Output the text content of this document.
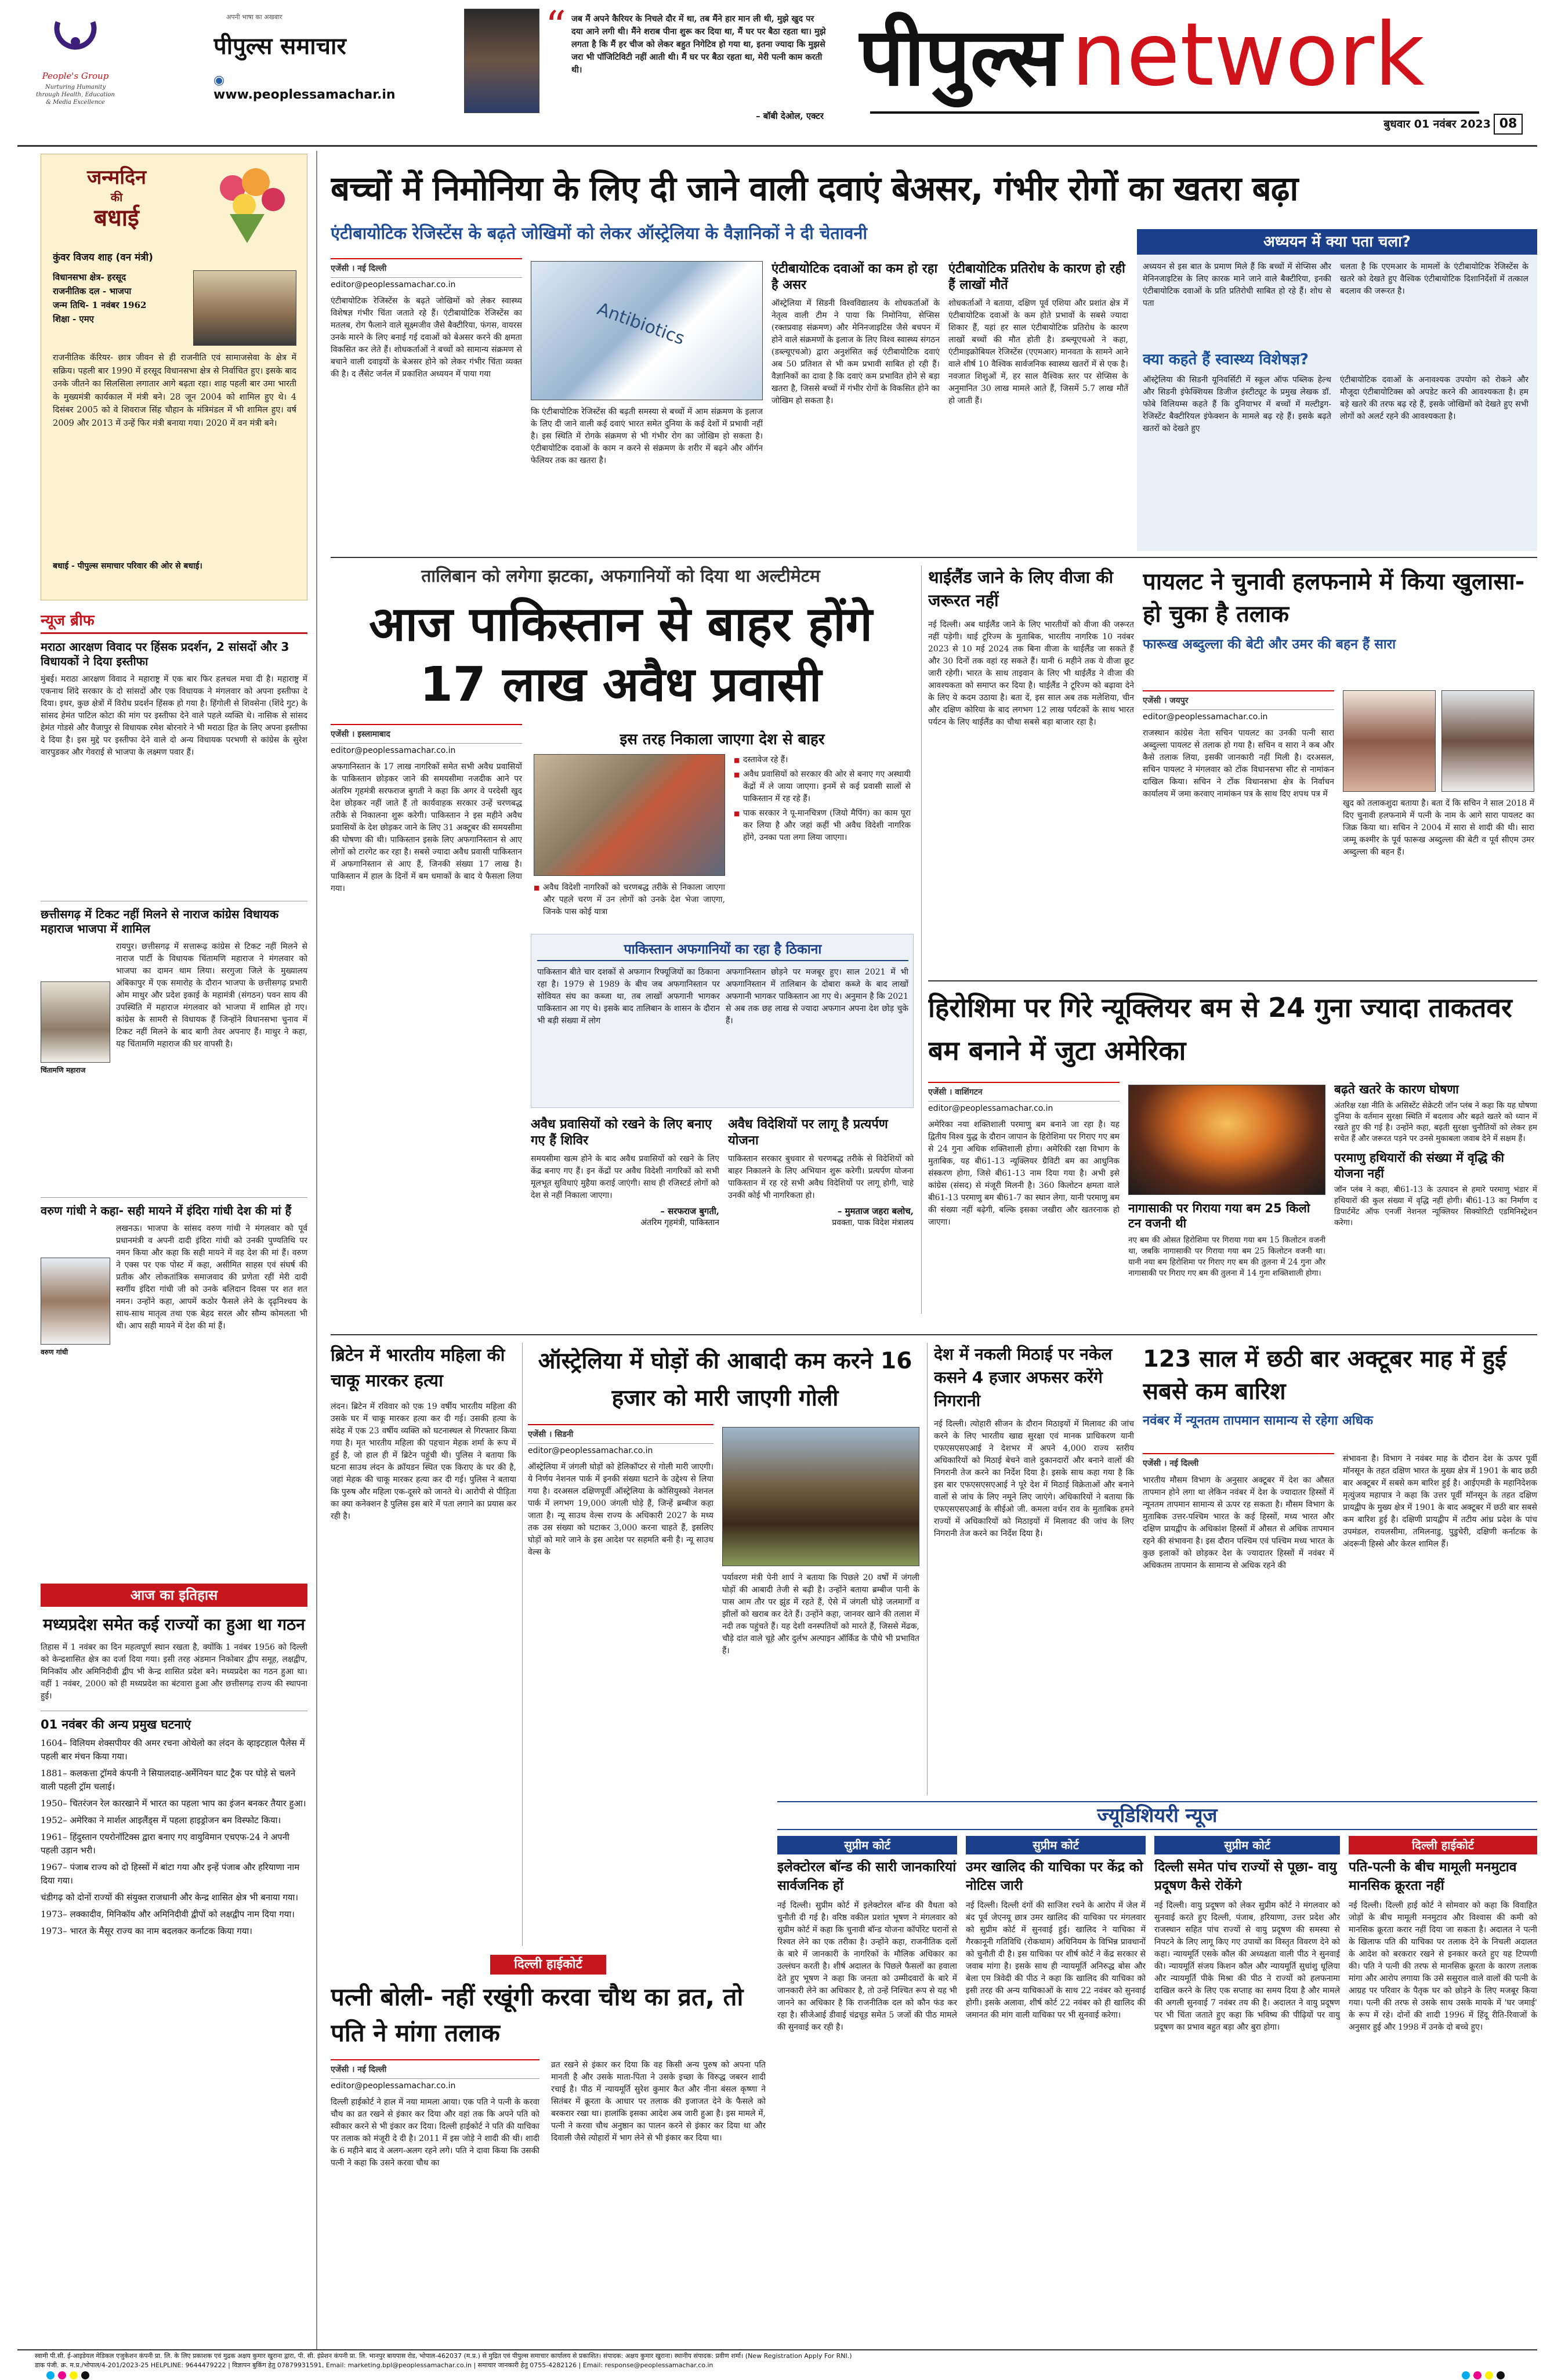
People's Group
Nurturing Humanity through Health, Education & Media Excellence
अपनी भाषा का अखबार
पीपुल्स समाचार
◉ www.peoplessamachar.in
“ जब मैं अपने कैरियर के निचले दौर में था, तब मैंने हार मान ली थी, मुझे खुद पर दया आने लगी थी। मैंने शराब पीना शुरू कर दिया था, मैं घर पर बैठा रहता था। मुझे लगता है कि मैं हर चीज को लेकर बहुत निगेटिव हो गया था, इतना ज्यादा कि मुझसे जरा भी पॉजिटिविटी नहीं आती थी। मैं घर पर बैठा रहता था, मेरी पत्नी काम करती थी।
– बॉबी देओल, एक्टर
पीपुल्स network
बुधवार 01 नवंबर 2023 08
जन्मदिन
की
बधाई
कुंवर विजय शाह (वन मंत्री)
विधानसभा क्षेत्र- हरसूद
राजनीतिक दल - भाजपा
जन्म तिथि- 1 नवंबर 1962
शिक्षा - एमए
राजनीतिक कॅरियर- छात्र जीवन से ही राजनीति एवं सामाजसेवा के क्षेत्र में सक्रिय। पहली बार 1990 में हरसूद विधानसभा क्षेत्र से निर्वाचित हुए। इसके बाद उनके जीतने का सिलसिला लगातार आगे बढ़ता रहा। शाह पहली बार उमा भारती के मुख्यमंत्री कार्यकाल में मंत्री बने। 28 जून 2004 को शामिल हुए थे। 4 दिसंबर 2005 को वे शिवराज सिंह चौहान के मंत्रिमंडल में भी शामिल हुए। वर्ष 2009 और 2013 में उन्हें फिर मंत्री बनाया गया। 2020 में वन मंत्री बने।
बधाई - पीपुल्स समाचार परिवार की ओर से बधाई।
न्यूज ब्रीफ
मराठा आरक्षण विवाद पर हिंसक प्रदर्शन, 2 सांसदों और 3 विधायकों ने दिया इस्तीफा
मुंबई। मराठा आरक्षण विवाद ने महाराष्ट्र में एक बार फिर हलचल मचा दी है। महाराष्ट्र में एकनाथ शिंदे सरकार के दो सांसदों और एक विधायक ने मंगलवार को अपना इस्तीफा दे दिया। इधर, कुछ क्षेत्रों में विरोध प्रदर्शन हिंसक हो गया है। हिंगोली से शिवसेना (शिंदे गुट) के सांसद हेमंत पाटिल कोटा की मांग पर इस्तीफा देने वाले पहले व्यक्ति थे। नासिक से सांसद हेमंत गोडसे और वैजापुर से विधायक रमेश बोरनारे ने भी मराठा हित के लिए अपना इस्तीफा दे दिया है। इस मुद्दे पर इस्तीफा देने वाले दो अन्य विधायक परभणी से कांग्रेस के सुरेश वारपुडकर और गेवराई से भाजपा के लक्ष्मण पवार हैं।
छत्तीसगढ़ में टिकट नहीं मिलने से नाराज कांग्रेस विधायक महाराज भाजपा में शामिल
रायपुर। छत्तीसगढ़ में सत्तारूढ़ कांग्रेस से टिकट नहीं मिलने से नाराज पार्टी के विधायक चिंतामणि महाराज ने मंगलवार को भाजपा का दामन थाम लिया। सरगुजा जिले के मुख्यालय अंबिकापुर में एक समारोह के दौरान भाजपा के छत्तीसगढ़ प्रभारी ओम माथुर और प्रदेश इकाई के महामंत्री (संगठन) पवन साय की उपस्थिति में महाराज मंगलवार को भाजपा में शामिल हो गए। कांग्रेस के सामरी से विधायक हैं जिन्होंने विधानसभा चुनाव में टिकट नहीं मिलने के बाद बागी तेवर अपनाए हैं। माथुर ने कहा, यह चिंतामणि महाराज की घर वापसी है।
चिंतामणि महाराज
वरुण गांधी ने कहा- सही मायने में इंदिरा गांधी देश की मां हैं
लखनऊ। भाजपा के सांसद वरुण गांधी ने मंगलवार को पूर्व प्रधानमंत्री व अपनी दादी इंदिरा गांधी को उनकी पुण्यतिथि पर नमन किया और कहा कि सही मायने में वह देश की मां हैं। वरुण ने एक्स पर एक पोस्ट में कहा, असीमित साहस एवं संघर्ष की प्रतीक और लोकतांत्रिक समाजवाद की प्रणेता रहीं मेरी दादी स्वर्गीय इंदिरा गांधी जी को उनके बलिदान दिवस पर शत शत नमन। उन्होंने कहा, आपमें कठोर फैसले लेने के दृढ़निश्चय के साथ-साथ मातृत्व तथा एक बेहद सरल और सौम्य कोमलता भी थी। आप सही मायने में देश की मां हैं।
वरुण गांधी
आज का इतिहास
मध्यप्रदेश समेत कई राज्यों का हुआ था गठन
तिहास में 1 नवंबर का दिन महत्वपूर्ण स्थान रखता है, क्योंकि 1 नवंबर 1956 को दिल्ली को केन्द्रशासित क्षेत्र का दर्जा दिया गया। इसी तरह अंडमान निकोबार द्वीप समूह, लक्षद्वीप, मिनिकॉय और अमिनिदीवी द्वीप भी केन्द्र शासित प्रदेश बने। मध्यप्रदेश का गठन हुआ था। वहीं 1 नवंबर, 2000 को ही मध्यप्रदेश का बंटवारा हुआ और छत्तीसगढ़ राज्य की स्थापना हुई।
01 नवंबर की अन्य प्रमुख घटनाएं
1604– विलियम शेक्सपीयर की अमर रचना ओथेलो का लंदन के व्हाइटहाल पैलेस में पहली बार मंचन किया गया।
1881– कलकत्ता ट्रॉमवे कंपनी ने सियालदाह-अर्मेनियन घाट ट्रैक पर घोड़े से चलने वाली पहली ट्रॉम चलाई।
1950– चितरंजन रेल कारखाने में भारत का पहला भाप का इंजन बनकर तैयार हुआ।
1952– अमेरिका ने मार्शल आइलैंड्स में पहला हाइड्रोजन बम विस्फोट किया।
1961– हिंदुस्तान एयरोनॉटिक्स द्वारा बनाए गए वायुविमान एचएफ-24 ने अपनी पहली उड़ान भरी।
1967– पंजाब राज्य को दो हिस्सों में बांटा गया और इन्हें पंजाब और हरियाणा नाम दिया गया।
चंडीगढ़ को दोनों राज्यों की संयुक्त राजधानी और केन्द्र शासित क्षेत्र भी बनाया गया।
1973– लक्कादीव, मिनिकॉय और अमिनिदीवी द्वीपों को लक्षद्वीप नाम दिया गया।
1973– भारत के मैसूर राज्य का नाम बदलकर कर्नाटक किया गया।
बच्चों में निमोनिया के लिए दी जाने वाली दवाएं बेअसर, गंभीर रोगों का खतरा बढ़ा
एंटीबायोटिक रेजिस्टेंस के बढ़ते जोखिमों को लेकर ऑस्ट्रेलिया के वैज्ञानिकों ने दी चेतावनी
एजेंसी । नई दिल्ली
editor@peoplessamachar.co.in
एंटीबायोटिक रेजिस्टेंस के बढ़ते जोखिमों को लेकर स्वास्थ्य विशेषज्ञ गंभीर चिंता जताते रहे हैं। एंटीबायोटिक रेजिस्टेंस का मतलब, रोग फैलाने वाले सूक्ष्मजीव जैसे बैक्टीरिया, फंगस, वायरस उनके मारने के लिए बनाई गई दवाओं को बेअसर करने की क्षमता विकसित कर लेते हैं। शोधकर्ताओं ने बच्चों को सामान्य संक्रमण से बचाने वाली दवाइयों के बेअसर होने को लेकर गंभीर चिंता व्यक्त की है। द लैंसेट जर्नल में प्रकाशित अध्ययन में पाया गया
Antibiotics
कि एंटीबायोटिक रेजिस्टेंस की बढ़ती समस्या से बच्चों में आम संक्रमण के इलाज के लिए दी जाने वाली कई दवाएं भारत समेत दुनिया के कई देशों में प्रभावी नहीं है। इस स्थिति में रोगके संक्रमण से भी गंभीर रोग का जोखिम हो सकता है। एंटीबायोटिक दवाओं के काम न करने से संक्रमण के शरीर में बढ़ने और ऑर्गन फेलियर तक का खतरा है।
एंटीबायोटिक दवाओं का कम हो रहा है असर
ऑस्ट्रेलिया में सिडनी विश्वविद्यालय के शोधकर्ताओं के नेतृत्व वाली टीम ने पाया कि निमोनिया, सेप्सिस (रक्तप्रवाह संक्रमण) और मेनिनजाइटिस जैसे बचपन में होने वाले संक्रमणों के इलाज के लिए विश्व स्वास्थ्य संगठन (डब्ल्यूएचओ) द्वारा अनुशंसित कई एंटीबायोटिक दवाएं अब 50 प्रतिशत से भी कम प्रभावी साबित हो रही हैं। वैज्ञानिकों का दावा है कि दवाएं कम प्रभावित होने से बड़ा खतरा है, जिससे बच्चों में गंभीर रोगों के विकसित होने का जोखिम हो सकता है।
एंटीबायोटिक प्रतिरोध के कारण हो रही हैं लाखों मौतें
शोधकर्ताओं ने बताया, दक्षिण पूर्व एशिया और प्रशांत क्षेत्र में एंटीबायोटिक दवाओं के कम होते प्रभावों के सबसे ज्यादा शिकार हैं, यहां हर साल एंटीबायोटिक प्रतिरोध के कारण लाखों बच्चों की मौत होती है। डब्ल्यूएचओ ने कहा, एंटीमाइक्रोबियल रेजिस्टेंस (एएमआर) मानवता के सामने आने वाले शीर्ष 10 वैश्विक सार्वजनिक स्वास्थ्य खतरों में से एक है। नवजात शिशुओं में, हर साल वैश्विक स्तर पर सेप्सिस के अनुमानित 30 लाख मामले आते हैं, जिसमें 5.7 लाख मौतें हो जाती हैं।
अध्ययन में क्या पता चला?
अध्ययन से इस बात के प्रमाण मिले हैं कि बच्चों में सेप्सिस और मेनिनजाइटिस के लिए कारक माने जाने वाले बैक्टीरिया, इनकी एंटीबायोटिक दवाओं के प्रति प्रतिरोधी साबित हो रहे हैं। शोध से पता
चलता है कि एएमआर के मामलों के एंटीबायोटिक रेजिस्टेंस के खतरे को देखते हुए वैश्विक एंटीबायोटिक दिशानिर्देशों में तत्काल बदलाव की जरूरत है।
क्या कहते हैं स्वास्थ्य विशेषज्ञ?
ऑस्ट्रेलिया की सिडनी यूनिवर्सिटी में स्कूल ऑफ पब्लिक हेल्थ और सिडनी इंफेक्शियस डिजीज इंस्टीट्यूट के प्रमुख लेखक डॉ. फोबे विलियम्स कहते हैं कि दुनियाभर में बच्चों में मल्टीड्रग-रेजिस्टेंट बैक्टीरियल इंफेक्शन के मामले बढ़ रहे हैं। इसके बढ़ते खतरों को देखते हुए
एंटीबायोटिक दवाओं के अनावश्यक उपयोग को रोकने और मौजूदा एंटीबायोटिक्स को अपडेट करने की आवश्यकता है। हम बड़े खतरे की तरफ बढ़ रहे हैं, इसके जोखिमों को देखते हुए सभी लोगों को अलर्ट रहने की आवश्यकता है।
तालिबान को लगेगा झटका, अफगानियों को दिया था अल्टीमेटम
आज पाकिस्तान से बाहर होंगे 17 लाख अवैध प्रवासी
एजेंसी । इस्लामाबाद
editor@peoplessamachar.co.in
अफगानिस्तान के 17 लाख नागरिकों समेत सभी अवैध प्रवासियों के पाकिस्तान छोड़कर जाने की समयसीमा नजदीक आने पर अंतरिम गृहमंत्री सरफराज बुगती ने कहा कि अगर वे परदेसी खुद देश छोड़कर नहीं जाते हैं तो कार्यवाहक सरकार उन्हें चरणबद्ध तरीके से निकालना शुरू करेगी। पाकिस्तान ने इस महीने अवैध प्रवासियों के देश छोड़कर जाने के लिए 31 अक्टूबर की समयसीमा की घोषणा की थी। पाकिस्तान इसके लिए अफगानिस्तान से आए लोगों को टारगेट कर रहा है। सबसे ज्यादा अवैध प्रवासी पाकिस्तान में अफगानिस्तान से आए हैं, जिनकी संख्या 17 लाख है। पाकिस्तान में हाल के दिनों में बम धमाकों के बाद ये फैसला लिया गया।
इस तरह निकाला जाएगा देश से बाहर
■ दस्तावेज रहे हैं।
■ अवैध प्रवासियों को सरकार की ओर से बनाए गए अस्थायी केंद्रों में ले जाया जाएगा। इनमें से कई प्रवासी सालों से पाकिस्तान में रह रहे हैं।
■ पाक सरकार ने पू-मानचित्रण (जियो मैपिंग) का काम पूरा कर लिया है और जहां कहीं भी अवैध विदेशी नागरिक होंगे, उनका पता लगा लिया जाएगा।
■ अवैध विदेशी नागरिकों को चरणबद्ध तरीके से निकाला जाएगा और पहले चरण में उन लोगों को उनके देश भेजा जाएगा, जिनके पास कोई यात्रा
पाकिस्तान अफगानियों का रहा है ठिकाना
पाकिस्तान बीते चार दशकों से अफगान रिफ्यूजियों का ठिकाना रहा है। 1979 से 1989 के बीच जब अफगानिस्तान पर सोवियत संघ का कब्जा था, तब लाखों अफगानी भागकर पाकिस्तान आ गए थे। इसके बाद तालिबान के शासन के दौरान भी बड़ी संख्या में लोग
अफगानिस्तान छोड़ने पर मजबूर हुए। साल 2021 में भी अफगानिस्तान में तालिबान के दोबारा कब्जे के बाद लाखों अफगानी भागकर पाकिस्तान आ गए थे। अनुमान है कि 2021 से अब तक छह लाख से ज्यादा अफगान अपना देश छोड़ चुके हैं।
अवैध प्रवासियों को रखने के लिए बनाए गए हैं शिविर
समयसीमा खत्म होने के बाद अवैध प्रवासियों को रखने के लिए केंद्र बनाए गए हैं। इन केंद्रों पर अवैध विदेशी नागरिकों को सभी मूलभूत सुविधाएं मुहैया कराई जाएंगी। साथ ही रजिस्टर्ड लोगों को देश से नहीं निकाला जाएगा।
– सरफराज बुगती,
अंतरिम गृहमंत्री, पाकिस्तान
अवैध विदेशियों पर लागू है प्रत्यर्पण योजना
पाकिस्तान सरकार बुधवार से चरणबद्ध तरीके से विदेशियों को बाहर निकालने के लिए अभियान शुरू करेगी। प्रत्यर्पण योजना पाकिस्तान में रह रहे सभी अवैध विदेशियों पर लागू होगी, चाहे उनकी कोई भी नागरिकता हो।
– मुमताज जहरा बलोच,
प्रवक्ता, पाक विदेश मंत्रालय
थाईलैंड जाने के लिए वीजा की जरूरत नहीं
नई दिल्ली। अब थाईलैंड जाने के लिए भारतीयों को वीजा की जरूरत नहीं पड़ेगी। थाई टूरिज्म के मुताबिक, भारतीय नागरिक 10 नवंबर 2023 से 10 मई 2024 तक बिना वीजा के थाईलैंड जा सकते हैं और 30 दिनों तक वहां रह सकते हैं। यानी 6 महीने तक ये वीजा छूट जारी रहेगी। भारत के साथ ताइवान के लिए भी थाईलैंड ने वीजा की आवश्यकता को समाप्त कर दिया है। थाईलैंड ने टूरिज्म को बढ़ावा देने के लिए ये कदम उठाया है। बता दें, इस साल अब तक मलेशिया, चीन और दक्षिण कोरिया के बाद लगभग 12 लाख पर्यटकों के साथ भारत पर्यटन के लिए थाईलैंड का चौथा सबसे बड़ा बाजार रहा है।
पायलट ने चुनावी हलफनामे में किया खुलासा- हो चुका है तलाक
फारूख अब्दुल्ला की बेटी और उमर की बहन हैं सारा
एजेंसी । जयपुर
editor@peoplessamachar.co.in
राजस्थान कांग्रेस नेता सचिन पायलट का उनकी पत्नी सारा अब्दुल्ला पायलट से तलाक हो गया है। सचिन व सारा ने कब और कैसे तलाक लिया, इसकी जानकारी नहीं मिली है। दरअसल, सचिन पायलट ने मंगलवार को टोंक विधानसभा सीट से नामांकन दाखिल किया। सचिन ने टोंक विधानसभा क्षेत्र के निर्वाचन कार्यालय में जमा करवाए नामांकन पत्र के साथ दिए शपथ पत्र में
खुद को तलाकशुदा बताया है। बता दें कि सचिन ने साल 2018 में दिए चुनावी हलफनामे में पत्नी के नाम के आगे सारा पायलट का जिक्र किया था। सचिन ने 2004 में सारा से शादी की थी। सारा जम्मू कश्मीर के पूर्व फारूख अब्दुल्ला की बेटी व पूर्व सीएम उमर अब्दुल्ला की बहन हैं।
हिरोशिमा पर गिरे न्यूक्लियर बम से 24 गुना ज्यादा ताकतवर बम बनाने में जुटा अमेरिका
एजेंसी । वाशिंगटन
editor@peoplessamachar.co.in
अमेरिका नया शक्तिशाली परमाणु बम बनाने जा रहा है। यह द्वितीय विश्व युद्ध के दौरान जापान के हिरोशिमा पर गिराए गए बम से 24 गुना अधिक शक्तिशाली होगा। अमेरिकी रक्षा विभाग के मुताबिक, यह बी61-13 न्यूक्लियर ग्रैविटी बम का आधुनिक संस्करण होगा, जिसे बी61-13 नाम दिया गया है। अभी इसे कांग्रेस (संसद) से मंजूरी मिलनी है। 360 किलोटन क्षमता वाले बी61-13 परमाणु बम बी61-7 का स्थान लेगा, यानी परमाणु बम की संख्या नहीं बढ़ेगी, बल्कि इसका जखीरा और खतरनाक हो जाएगा।
नागासाकी पर गिराया गया बम 25 किलो टन वजनी थी
नए बम की ओसत हिरोशिमा पर गिराया गया बम 15 किलोटन वजनी था, जबकि नागासाकी पर गिराया गया बम 25 किलोटन वजनी था। यानी नया बम हिरोशिमा पर गिराए गए बम की तुलना में 24 गुना और नागासाकी पर गिराए गए बम की तुलना में 14 गुना शक्तिशाली होगा।
बढ़ते खतरे के कारण घोषणा
अंतरिक्ष रक्षा नीति के असिस्टेंट सेक्रेटरी जॉन प्लंब ने कहा कि यह घोषणा दुनिया के वर्तमान सुरक्षा स्थिति में बदलाव और बढ़ते खतरे को ध्यान में रखते हुए की गई है। उन्होंने कहा, बढ़ती सुरक्षा चुनौतियों को लेकर हम सचेत हैं और जरूरत पड़ने पर उनसे मुकाबला जवाब देने में सक्षम हैं।
परमाणु हथियारों की संख्या में वृद्धि की योजना नहीं
जॉन प्लंब ने कहा, बी61-13 के उत्पादन से हमारे परमाणु भंडार में हथियारों की कुल संख्या में वृद्धि नहीं होगी। बी61-13 का निर्माण द डिपार्टमेंट ऑफ एनर्जी नेशनल न्यूक्लियर सिक्योरिटी एडमिनिस्ट्रेशन करेगा।
ब्रिटेन में भारतीय महिला की चाकू मारकर हत्या
लंदन। ब्रिटेन में रविवार को एक 19 वर्षीय भारतीय महिला की उसके घर में चाकू मारकर हत्या कर दी गई। उसकी हत्या के संदेह में एक 23 वर्षीय व्यक्ति को घटनास्थल से गिरफ्तार किया गया है। मृत भारतीय महिला की पहचान मेहक शर्मा के रूप में हुई है, जो हाल ही में ब्रिटेन पहुंची थी। पुलिस ने बताया कि घटना साउथ लंदन के क्रॉयडन स्थित एक किराए के घर की है, जहां मेहक की चाकू मारकर हत्या कर दी गई। पुलिस ने बताया कि पुरुष और महिला एक-दूसरे को जानते थे। आरोपी से पीड़िता का क्या कनेक्शन है पुलिस इस बारे में पता लगाने का प्रयास कर रही है।
ऑस्ट्रेलिया में घोड़ों की आबादी कम करने 16 हजार को मारी जाएगी गोली
एजेंसी । सिडनी
editor@peoplessamachar.co.in
ऑस्ट्रेलिया में जंगली घोड़ों को हेलिकॉप्टर से गोली मारी जाएगी। ये निर्णय नेशनल पार्क में इनकी संख्या घटाने के उद्देश्य से लिया गया है। दरअसल दक्षिणपूर्वी ऑस्ट्रेलिया के कोसियुस्को नेशनल पार्क में लगभग 19,000 जंगली घोड़े हैं, जिन्हें ब्रम्बीज कहा जाता है। न्यू साउथ वेल्स राज्य के अधिकारी 2027 के मध्य तक उस संख्या को घटाकर 3,000 करना चाहते हैं, इसलिए घोड़ों को मारे जाने के इस आदेश पर सहमति बनी है। न्यू साउथ वेल्स के
पर्यावरण मंत्री पेनी शार्प ने बताया कि पिछले 20 वर्षों में जंगली घोड़ों की आबादी तेजी से बढ़ी है। उन्होंने बताया ब्रम्बीज पानी के पास आम तौर पर झुंड में रहते हैं, ऐसे में जंगली घोड़े जलमार्गों व झीलों को खराब कर देते हैं। उन्होंने कहा, जानवर खाने की तलाश में नदी तक पहुंचते हैं। यह देशी वनस्पतियों को मारते हैं, जिससे मेंढक, चौड़े दांत वाले चूहे और दुर्लभ अल्पाइन ऑर्किड के पौधे भी प्रभावित हैं।
देश में नकली मिठाई पर नकेल कसने 4 हजार अफसर करेंगे निगरानी
नई दिल्ली। त्योहारी सीजन के दौरान मिठाइयों में मिलावट की जांच करने के लिए भारतीय खाद्य सुरक्षा एवं मानक प्राधिकरण यानी एफएसएसएआई ने देशभर में अपने 4,000 राज्य स्तरीय अधिकारियों को मिठाई बेचने वाले दुकानदारों और बनाने वालों की निगरानी तेज करने का निर्देश दिया है। इसके साथ कहा गया है कि इस बार एफएसएसएआई ने पूरे देश में मिठाई विक्रेताओं और बनाने वालों से जांच के लिए नमूने लिए जाएंगे। अधिकारियों ने बताया कि एफएसएसएआई के सीईओ जी. कमला वर्धन राव के मुताबिक हमने राज्यों में अधिकारियों को मिठाइयों में मिलावट की जांच के लिए निगरानी तेज करने का निर्देश दिया है।
123 साल में छठी बार अक्टूबर माह में हुई सबसे कम बारिश
नवंबर में न्यूनतम तापमान सामान्य से रहेगा अधिक
एजेंसी । नई दिल्ली
भारतीय मौसम विभाग के अनुसार अक्टूबर में देश का औसत तापमान होने लगा था लेकिन नवंबर में देश के ज्यादातर हिस्सों में न्यूनतम तापमान सामान्य से ऊपर रह सकता है। मौसम विभाग के मुताबिक उत्तर-पश्चिम भारत के कई हिस्सों, मध्य भारत और दक्षिण प्रायद्वीप के अधिकांश हिस्सों में औसत से अधिक तापमान रहने की संभावना है। इस दौरान पश्चिम एवं पश्चिम मध्य भारत के कुछ इलाकों को छोड़कर देश के ज्यादातर हिस्सों में नवंबर में अधिकतम तापमान के सामान्य से अधिक रहने की
संभावना है। विभाग ने नवंबर माह के दौरान देश के ऊपर पूर्वी मॉनसून के तहत दक्षिण भारत के मुख्य क्षेत्र में 1901 के बाद छठी बार अक्टूबर में सबसे कम बारिश हुई है। आईएमडी के महानिदेशक मृत्युंजय महापात्र ने कहा कि उत्तर पूर्वी मॉनसून के तहत दक्षिण प्रायद्वीप के मुख्य क्षेत्र में 1901 के बाद अक्टूबर में छठी बार सबसे कम बारिश हुई है। दक्षिणी प्रायद्वीप में तटीय आंध्र प्रदेश के पांच उपमंडल, रायलसीमा, तमिलनाडु, पुडुचेरी, दक्षिणी कर्नाटक के अंदरूनी हिस्से और केरल शामिल हैं।
ज्यूडिशियरी न्यूज
दिल्ली हाईकोर्ट
पत्नी बोली- नहीं रखूंगी करवा चौथ का व्रत, तो पति ने मांगा तलाक
एजेंसी । नई दिल्ली
editor@peoplessamachar.co.in
दिल्ली हाईकोर्ट ने हाल में नया मामला आया। एक पति ने पत्नी के करवा चौथ का व्रत रखने से इंकार कर दिया और वहां तक कि अपने पति को स्वीकार करने से भी इंकार कर दिया। दिल्ली हाईकोर्ट ने पति की याचिका पर तलाक को मंजूरी दे दी है। 2011 में इस जोड़े ने शादी की थी। शादी के 6 महीने बाद वे अलग-अलग रहने लगे। पति ने दावा किया कि उसकी पत्नी ने कहा कि उसने करवा चौथ का
व्रत रखने से इंकार कर दिया कि वह किसी अन्य पुरुष को अपना पति मानती है और उसके माता-पिता ने उसके इच्छा के विरुद्ध जबरन शादी रचाई है। पीठ में न्यायमूर्ति सुरेश कुमार कैत और नीना बंसल कृष्णा ने सितंबर में क्रूरता के आधार पर तलाक की इजाजत देने के फैसले को बरकरार रखा था। हालांकि इसका आदेश अब जारी हुआ है। इस मामले में, पत्नी ने करवा चौथ अनुष्ठान का पालन करने से इंकार कर दिया था और दिवाली जैसे त्योहारों में भाग लेने से भी इंकार कर दिया था।
सुप्रीम कोर्ट
इलेक्टोरल बॉन्ड की सारी जानकारियां सार्वजनिक हों
नई दिल्ली। सुप्रीम कोर्ट में इलेक्टोरल बॉन्ड की वैधता को चुनौती दी गई है। वरिष्ठ वकील प्रशांत भूषण ने मंगलवार को सुप्रीम कोर्ट में कहा कि चुनावी बॉन्ड योजना कॉर्पोरेट घरानों से रिश्वत लेने का एक तरीका है। उन्होंने कहा, राजनीतिक दलों के बारे में जानकारी के नागरिकों के मौलिक अधिकार का उल्लंघन करती है। शीर्ष अदालत के पिछले फैसलों का हवाला देते हुए भूषण ने कहा कि जनता को उम्मीदवारों के बारे में जानकारी लेने का अधिकार है, तो उन्हें निश्चित रूप से यह भी जानने का अधिकार है कि राजनीतिक दल को कौन फंड कर रहा है। सीजेआई डीवाई चंद्रचूड़ समेत 5 जजों की पीठ मामले की सुनवाई कर रही है।
सुप्रीम कोर्ट
उमर खालिद की याचिका पर केंद्र को नोटिस जारी
नई दिल्ली। दिल्ली दंगों की साजिश रचने के आरोप में जेल में बंद पूर्व जेएनयू छात्र उमर खालिद की याचिका पर मंगलवार को सुप्रीम कोर्ट में सुनवाई हुई। खालिद ने याचिका में गैरकानूनी गतिविधि (रोकथाम) अधिनियम के विभिन्न प्रावधानों को चुनौती दी है। इस याचिका पर शीर्ष कोर्ट ने केंद्र सरकार से जवाब मांगा है। इसके साथ ही न्यायमूर्ति अनिरुद्ध बोस और बेला एम त्रिवेदी की पीठ ने कहा कि खालिद की याचिका को इसी तरह की अन्य याचिकाओं के साथ 22 नवंबर को सुनवाई होगी। इसके अलावा, शीर्ष कोर्ट 22 नवंबर को ही खालिद की जमानत की मांग वाली याचिका पर भी सुनवाई करेगा।
सुप्रीम कोर्ट
दिल्ली समेत पांच राज्यों से पूछा- वायु प्रदूषण कैसे रोकेंगे
नई दिल्ली। वायु प्रदूषण को लेकर सुप्रीम कोर्ट ने मंगलवार को सुनवाई करते हुए दिल्ली, पंजाब, हरियाणा, उत्तर प्रदेश और राजस्थान सहित पांच राज्यों से वायु प्रदूषण की समस्या से निपटने के लिए लागू किए गए उपायों का विस्तृत विवरण देने को कहा। न्यायमूर्ति एसके कौल की अध्यक्षता वाली पीठ ने सुनवाई की। न्यायमूर्ति संजय किशन कौल और न्यायमूर्ति सुधांशु धूलिया और न्यायमूर्ति पीके मिश्रा की पीठ ने राज्यों को हलफनामा दाखिल करने के लिए एक सप्ताह का समय दिया है और मामले की अगली सुनवाई 7 नवंबर तय की है। अदालत ने वायु प्रदूषण पर भी चिंता जताते हुए कहा कि भविष्य की पीढ़ियों पर वायु प्रदूषण का प्रभाव बहुत बड़ा और बुरा होगा।
दिल्ली हाईकोर्ट
पति-पत्नी के बीच मामूली मनमुटाव मानसिक क्रूरता नहीं
नई दिल्ली। दिल्ली हाई कोर्ट ने सोमवार को कहा कि विवाहित जोड़ों के बीच मामूली मनमुटाव और विश्वास की कमी को मानसिक क्रूरता करार नहीं दिया जा सकता है। अदालत ने पत्नी के खिलाफ पति की याचिका पर तलाक देने के निचली अदालत के आदेश को बरकरार रखने से इनकार करते हुए यह टिप्पणी की। पति ने पत्नी की तरफ से मानसिक क्रूरता के कारण तलाक मांगा और आरोप लगाया कि उसे ससुराल वाले वालों की पत्नी के आग्रह पर परिवार के पैतृक घर को छोड़ने के लिए मजबूर किया गया। पत्नी की तरफ से उसके साथ उसके मायके में 'घर जमाई' के रूप में रहे। दोनों की शादी 1996 में हिंदू रीति-रिवाजों के अनुसार हुई और 1998 में उनके दो बच्चे हुए।
स्वामी पी.सी. ई-आइडेयल मेडिकल एजुकेशन कंपनी प्रा. लि. के लिए प्रकाशक एवं मुद्रक अक्षय कुमार खुराना द्वारा, पी. सी. इंप्रेशन कंपनी प्रा. लि. भानपुर बायपास रोड, भोपाल-462037 (म.प्र.) से मुद्रित एवं पीपुल्स समाचार कार्यालय से प्रकाशित। संपादक: अक्षय कुमार खुराना। स्थानीय संपादक: प्रवीण शर्मा। (New Registration Apply For RNI.)
डाक पंजी. क्र. म.प्र./भोपाल/4-201/2023-25 HELPLINE: 9644479222 | विज्ञापन बुकिंग हेतु 07879931591, Email: marketing.bpl@peoplessamachar.co.in | समाचार जानकारी हेतु 0755-4282126 | Email: response@peoplessamachar.co.in
